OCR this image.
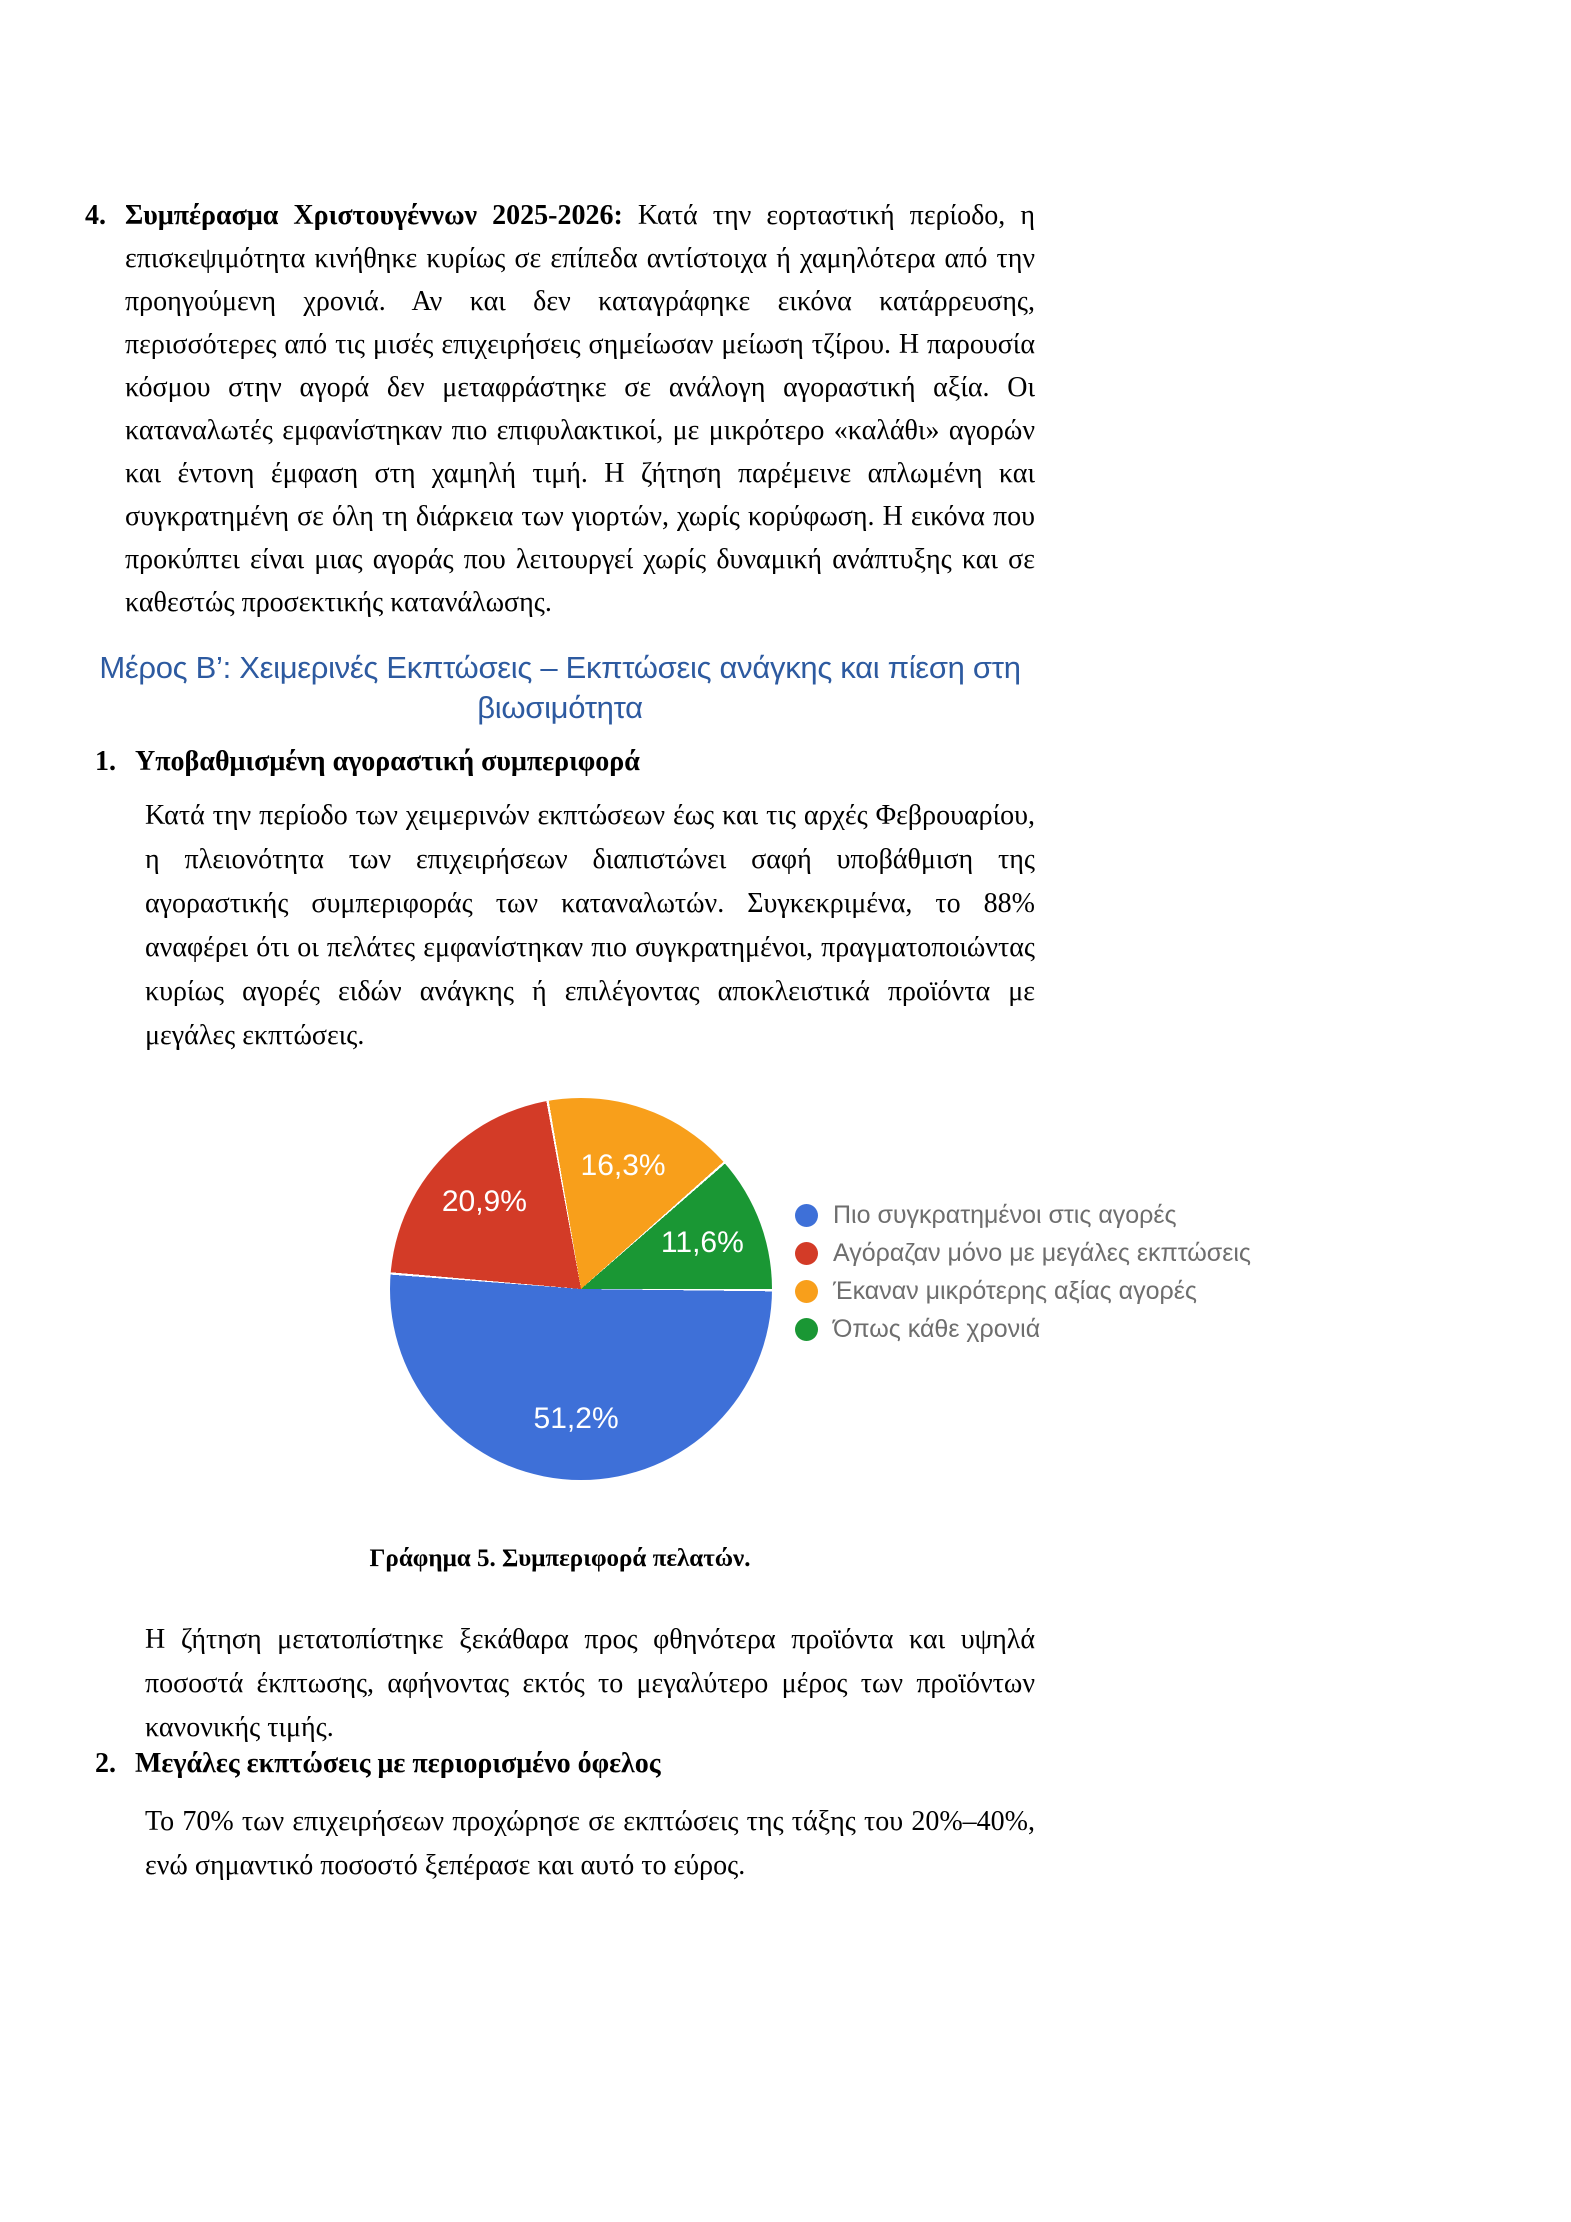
4. Συμπέρασμα Χριστουγέννων 2025-2026: Κατά την εορταστική περίοδο, η επισκεψιμότητα κινήθηκε κυρίως σε επίπεδα αντίστοιχα ή χαμηλότερα από την προηγούμενη χρονιά. Αν και δεν καταγράφηκε εικόνα κατάρρευσης, περισσότερες από τις μισές επιχειρήσεις σημείωσαν μείωση τζίρου. Η παρουσία κόσμου στην αγορά δεν μεταφράστηκε σε ανάλογη αγοραστική αξία. Οι καταναλωτές εμφανίστηκαν πιο επιφυλακτικοί, με μικρότερο «καλάθι» αγορών και έντονη έμφαση στη χαμηλή τιμή. Η ζήτηση παρέμεινε απλωμένη και συγκρατημένη σε όλη τη διάρκεια των γιορτών, χωρίς κορύφωση. Η εικόνα που προκύπτει είναι μιας αγοράς που λειτουργεί χωρίς δυναμική ανάπτυξης και σε καθεστώς προσεκτικής κατανάλωσης.
Μέρος Β’: Χειμερινές Εκπτώσεις – Εκπτώσεις ανάγκης και πίεση στη βιωσιμότητα
1. Υποβαθμισμένη αγοραστική συμπεριφορά
Κατά την περίοδο των χειμερινών εκπτώσεων έως και τις αρχές Φεβρουαρίου, η πλειονότητα των επιχειρήσεων διαπιστώνει σαφή υποβάθμιση της αγοραστικής συμπεριφοράς των καταναλωτών. Συγκεκριμένα, το 88% αναφέρει ότι οι πελάτες εμφανίστηκαν πιο συγκρατημένοι, πραγματοποιώντας κυρίως αγορές ειδών ανάγκης ή επιλέγοντας αποκλειστικά προϊόντα με μεγάλες εκπτώσεις.
51,2%
20,9%
16,3%
11,6%
Πιο συγκρατημένοι στις αγορές
Αγόραζαν μόνο με μεγάλες εκπτώσεις
Έκαναν μικρότερης αξίας αγορές
Όπως κάθε χρονιά
Γράφημα 5. Συμπεριφορά πελατών.
Η ζήτηση μετατοπίστηκε ξεκάθαρα προς φθηνότερα προϊόντα και υψηλά ποσοστά έκπτωσης, αφήνοντας εκτός το μεγαλύτερο μέρος των προϊόντων κανονικής τιμής.
2. Μεγάλες εκπτώσεις με περιορισμένο όφελος
Το 70% των επιχειρήσεων προχώρησε σε εκπτώσεις της τάξης του 20%–40%, ενώ σημαντικό ποσοστό ξεπέρασε και αυτό το εύρος.
